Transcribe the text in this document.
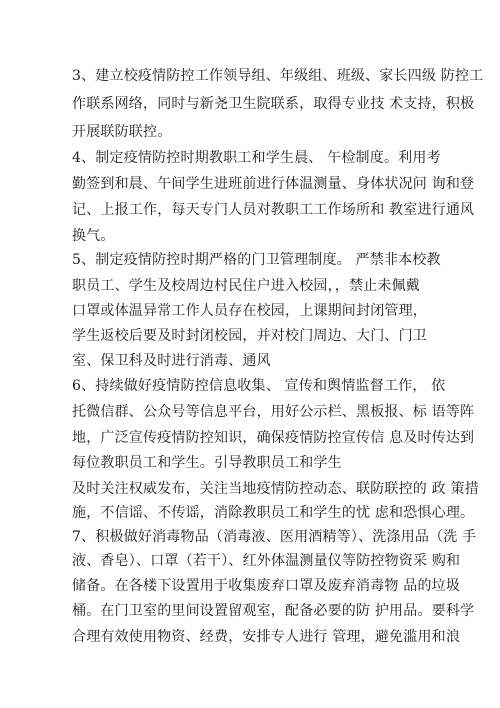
3、建立校疫情防控工作领导组、年级组、班级、家长四级 防控工
作联系网络，同时与新尧卫生院联系，取得专业技 术支持，积极
开展联防联控。
4、制定疫情防控时期教职工和学生晨、 午检制度。利用考
勤签到和晨、午间学生进班前进行体温测量、身体状况问 询和登
记、上报工作，每天专门人员对教职工工作场所和 教室进行通风
换气。
5、制定疫情防控时期严格的门卫管理制度。 严禁非本校教
职员工、学生及校周边村民住户进入校园，，禁止未佩戴
口罩或体温异常工作人员存在校园，上课期间封闭管理，
学生返校后要及时封闭校园，并对校门周边、大门、门卫
室、保卫科及时进行消毒、通风
6、持续做好疫情防控信息收集、 宣传和舆情监督工作， 依
托微信群、公众号等信息平台，用好公示栏、黑板报、标 语等阵
地，广泛宣传疫情防控知识，确保疫情防控宣传信 息及时传达到
每位教职员工和学生。引导教职员工和学生
及时关注权威发布，关注当地疫情防控动态、联防联控的 政 策措
施，不信谣、不传谣，消除教职员工和学生的忧 虑和恐惧心理。
7、积极做好消毒物品（消毒液、医用酒精等）、洗涤用品（洗 手
液、香皂）、口罩（若干）、红外体温测量仪等防控物资采 购和
储备。在各楼下设置用于收集废弃口罩及废弃消毒物 品的垃圾
桶。在门卫室的里间设置留观室，配备必要的防 护用品。要科学
合理有效使用物资、经费，安排专人进行 管理，避免滥用和浪
